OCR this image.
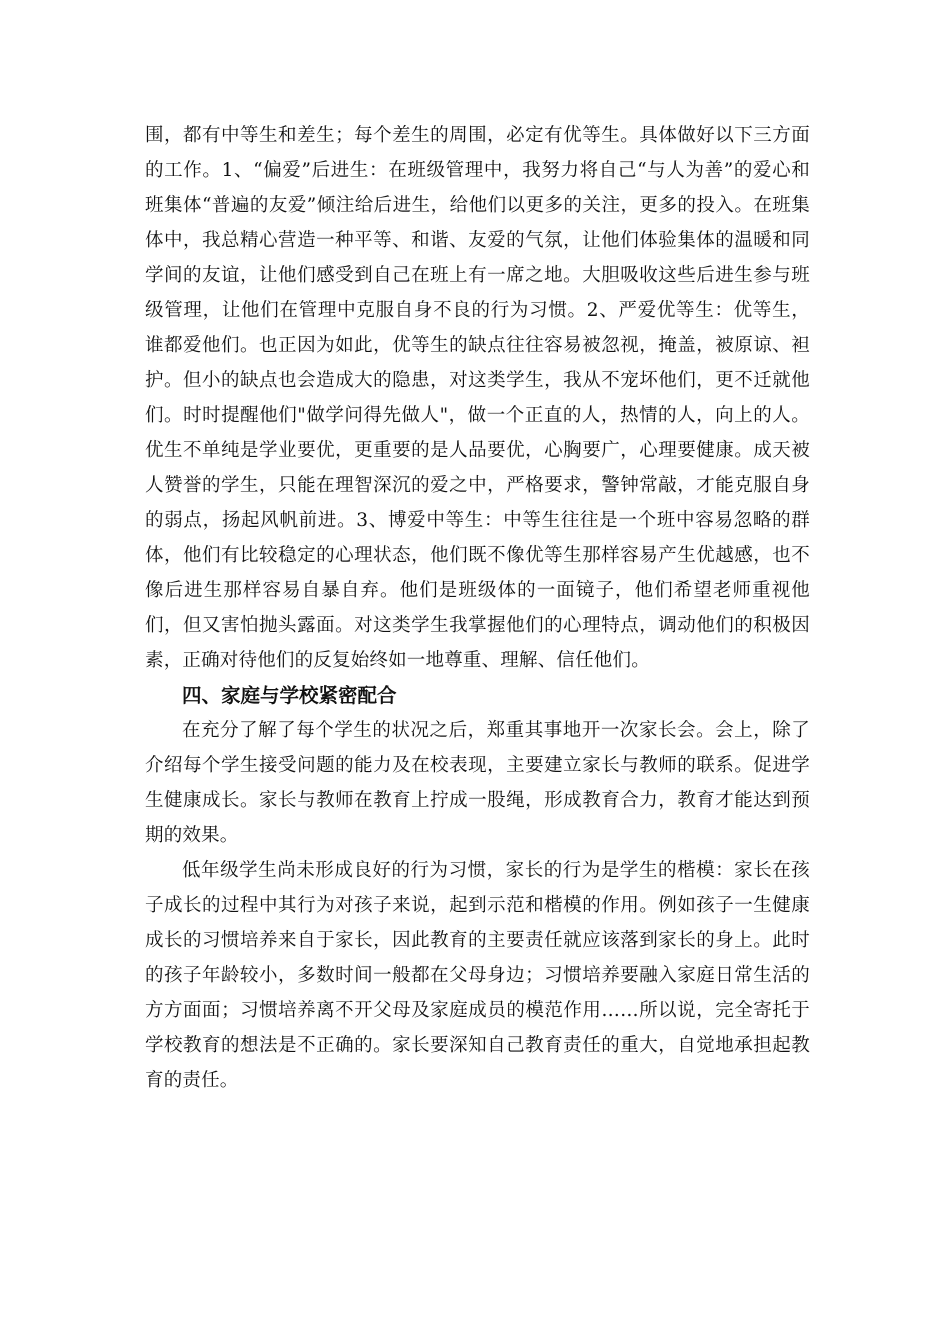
围，都有中等生和差生；每个差生的周围，必定有优等生。具体做好以下三方面的工作。1、“偏爱”后进生：在班级管理中，我努力将自己“与人为善”的爱心和班集体“普遍的友爱”倾注给后进生，给他们以更多的关注，更多的投入。在班集体中，我总精心营造一种平等、和谐、友爱的气氛，让他们体验集体的温暖和同学间的友谊，让他们感受到自己在班上有一席之地。大胆吸收这些后进生参与班级管理，让他们在管理中克服自身不良的行为习惯。2、严爱优等生：优等生，谁都爱他们。也正因为如此，优等生的缺点往往容易被忽视，掩盖，被原谅、袒护。但小的缺点也会造成大的隐患，对这类学生，我从不宠坏他们，更不迁就他们。时时提醒他们"做学问得先做人"，做一个正直的人，热情的人，向上的人。优生不单纯是学业要优，更重要的是人品要优，心胸要广，心理要健康。成天被人赞誉的学生，只能在理智深沉的爱之中，严格要求，警钟常敲，才能克服自身的弱点，扬起风帆前进。3、博爱中等生：中等生往往是一个班中容易忽略的群体，他们有比较稳定的心理状态，他们既不像优等生那样容易产生优越感，也不像后进生那样容易自暴自弃。他们是班级体的一面镜子，他们希望老师重视他们，但又害怕抛头露面。对这类学生我掌握他们的心理特点，调动他们的积极因素，正确对待他们的反复始终如一地尊重、理解、信任他们。

四、家庭与学校紧密配合

在充分了解了每个学生的状况之后，郑重其事地开一次家长会。会上，除了介绍每个学生接受问题的能力及在校表现，主要建立家长与教师的联系。促进学生健康成长。家长与教师在教育上拧成一股绳，形成教育合力，教育才能达到预期的效果。

低年级学生尚未形成良好的行为习惯，家长的行为是学生的楷模：家长在孩子成长的过程中其行为对孩子来说，起到示范和楷模的作用。例如孩子一生健康成长的习惯培养来自于家长，因此教育的主要责任就应该落到家长的身上。此时的孩子年龄较小，多数时间一般都在父母身边；习惯培养要融入家庭日常生活的方方面面；习惯培养离不开父母及家庭成员的模范作用……所以说，完全寄托于学校教育的想法是不正确的。家长要深知自己教育责任的重大，自觉地承担起教育的责任。
